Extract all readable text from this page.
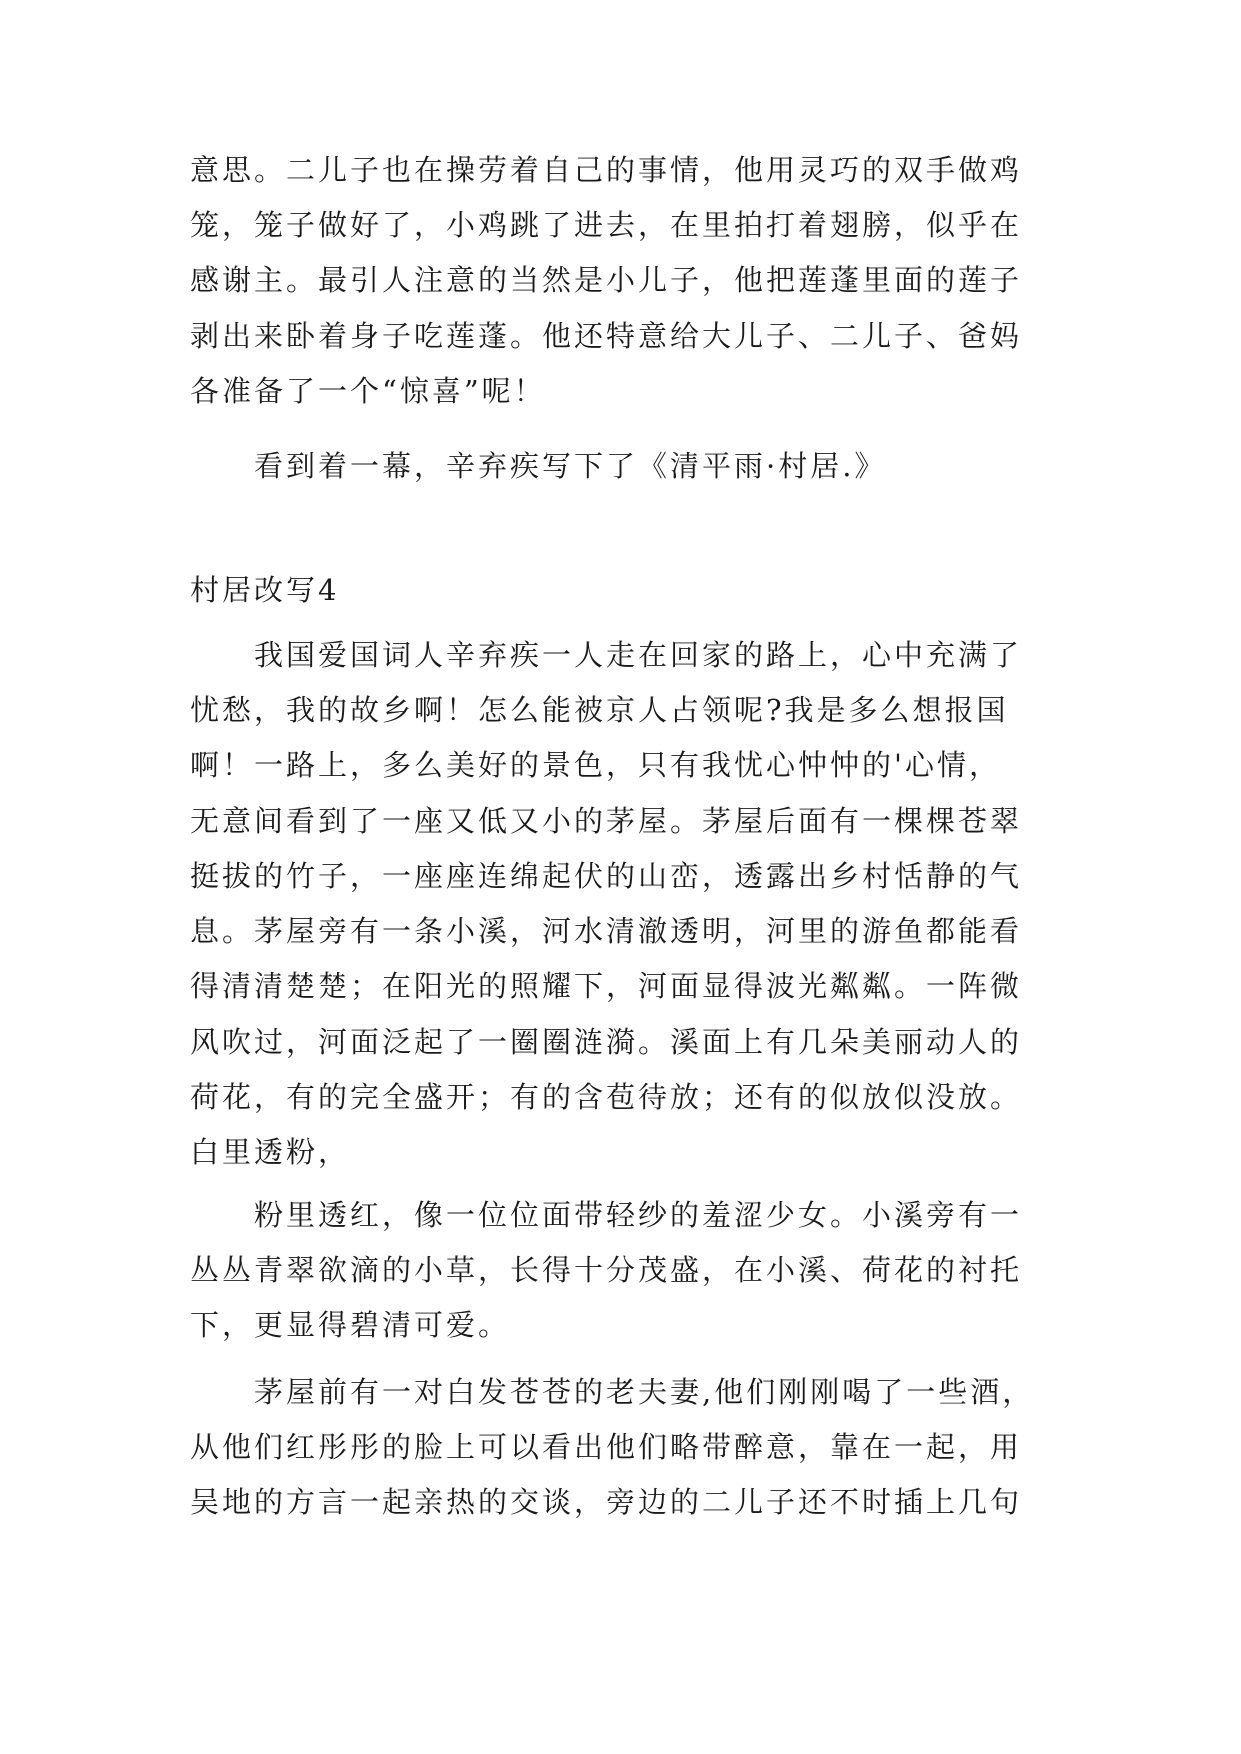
意思。二儿子也在操劳着自己的事情，他用灵巧的双手做鸡
笼，笼子做好了，小鸡跳了进去，在里拍打着翅膀，似乎在
感谢主。最引人注意的当然是小儿子，他把莲蓬里面的莲子
剥出来卧着身子吃莲蓬。他还特意给大儿子、二儿子、爸妈
各准备了一个“惊喜”呢！
看到着一幕，辛弃疾写下了《清平雨·村居.》
村居改写4
我国爱国词人辛弃疾一人走在回家的路上，心中充满了
忧愁，我的故乡啊！怎么能被京人占领呢?我是多么想报国
啊！一路上，多么美好的景色，只有我忧心忡忡的'心情，
无意间看到了一座又低又小的茅屋。茅屋后面有一棵棵苍翠
挺拔的竹子，一座座连绵起伏的山峦，透露出乡村恬静的气
息。茅屋旁有一条小溪，河水清澈透明，河里的游鱼都能看
得清清楚楚；在阳光的照耀下，河面显得波光粼粼。一阵微
风吹过，河面泛起了一圈圈涟漪。溪面上有几朵美丽动人的
荷花，有的完全盛开；有的含苞待放；还有的似放似没放。
白里透粉，
粉里透红，像一位位面带轻纱的羞涩少女。小溪旁有一
丛丛青翠欲滴的小草，长得十分茂盛，在小溪、荷花的衬托
下，更显得碧清可爱。
茅屋前有一对白发苍苍的老夫妻,他们刚刚喝了一些酒，
从他们红彤彤的脸上可以看出他们略带醉意，靠在一起，用
吴地的方言一起亲热的交谈，旁边的二儿子还不时插上几句
